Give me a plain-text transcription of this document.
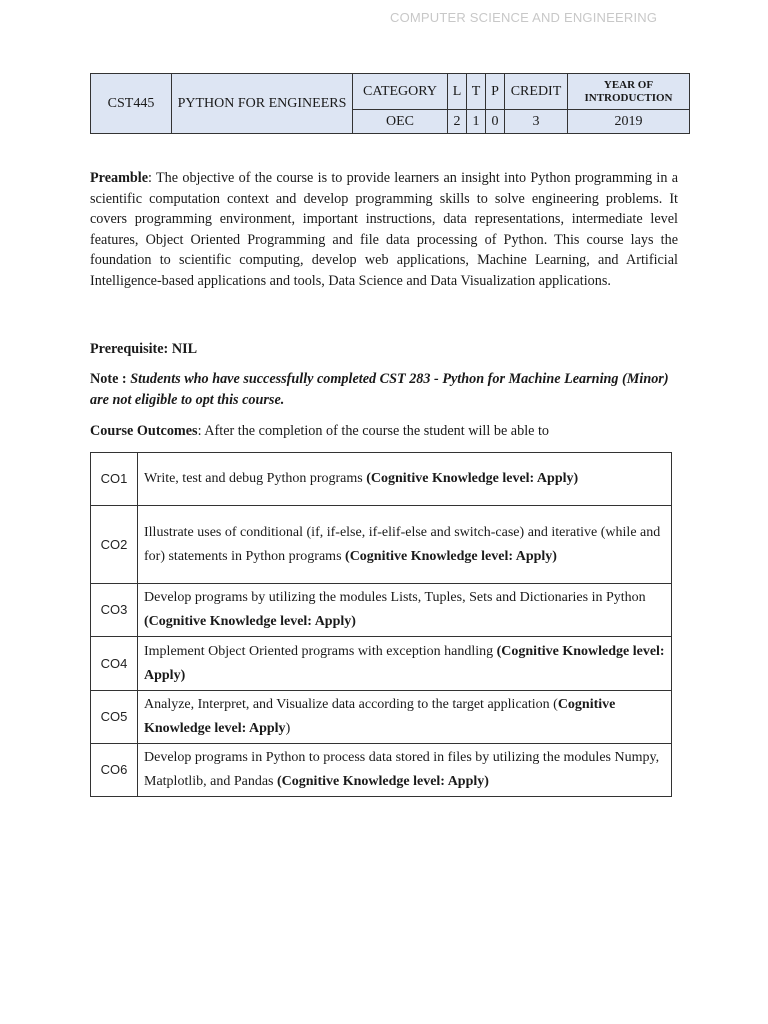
COMPUTER SCIENCE AND ENGINEERING
CST445	PYTHON FOR ENGINEERS	CATEGORY	L	T	P	CREDIT	YEAR OF INTRODUCTION
		OEC	2	1	0	3	2019
Preamble: The objective of the course is to provide learners an insight into Python programming in a scientific computation context and develop programming skills to solve engineering problems. It covers programming environment, important instructions, data representations, intermediate level features, Object Oriented Programming and file data processing of Python. This course lays the foundation to scientific computing, develop web applications, Machine Learning, and Artificial Intelligence-based applications and tools, Data Science and Data Visualization applications.
Prerequisite: NIL
Note : Students who have successfully completed CST 283 - Python for Machine Learning (Minor) are not eligible to opt this course.
Course Outcomes: After the completion of the course the student will be able to
CO1	Write, test and debug Python programs (Cognitive Knowledge level: Apply)
CO2	Illustrate uses of conditional (if, if-else, if-elif-else and switch-case) and iterative (while and for) statements in Python programs (Cognitive Knowledge level: Apply)
CO3	Develop programs by utilizing the modules Lists, Tuples, Sets and Dictionaries in Python (Cognitive Knowledge level: Apply)
CO4	Implement Object Oriented programs with exception handling (Cognitive Knowledge level: Apply)
CO5	Analyze, Interpret, and Visualize data according to the target application (Cognitive Knowledge level: Apply)
CO6	Develop programs in Python to process data stored in files by utilizing the modules Numpy, Matplotlib, and Pandas (Cognitive Knowledge level: Apply)
